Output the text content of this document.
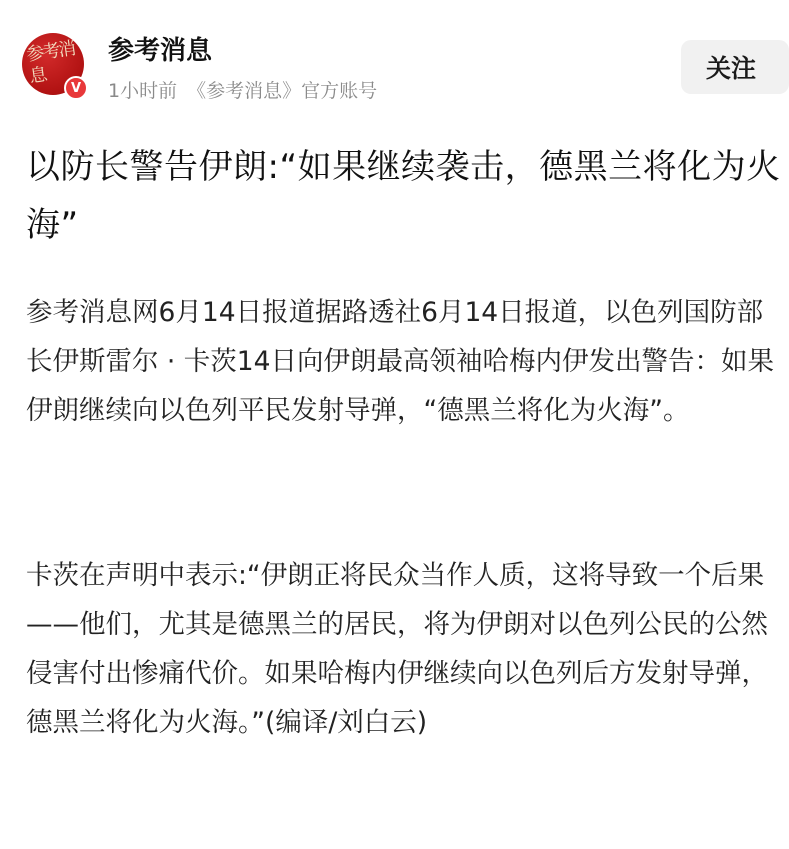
参考消息
V
参考消息
1小时前 《参考消息》官方账号
关注
以防长警告伊朗:“如果继续袭击，德黑兰将化为火海”

参考消息网6月14日报道据路透社6月14日报道，以色列国防部长伊斯雷尔 · 卡茨14日向伊朗最高领袖哈梅内伊发出警告：如果伊朗继续向以色列平民发射导弹，“德黑兰将化为火海”。

卡茨在声明中表示:“伊朗正将民众当作人质，这将导致一个后果——他们，尤其是德黑兰的居民，将为伊朗对以色列公民的公然侵害付出惨痛代价。如果哈梅内伊继续向以色列后方发射导弹，德黑兰将化为火海。”(编译/刘白云)
